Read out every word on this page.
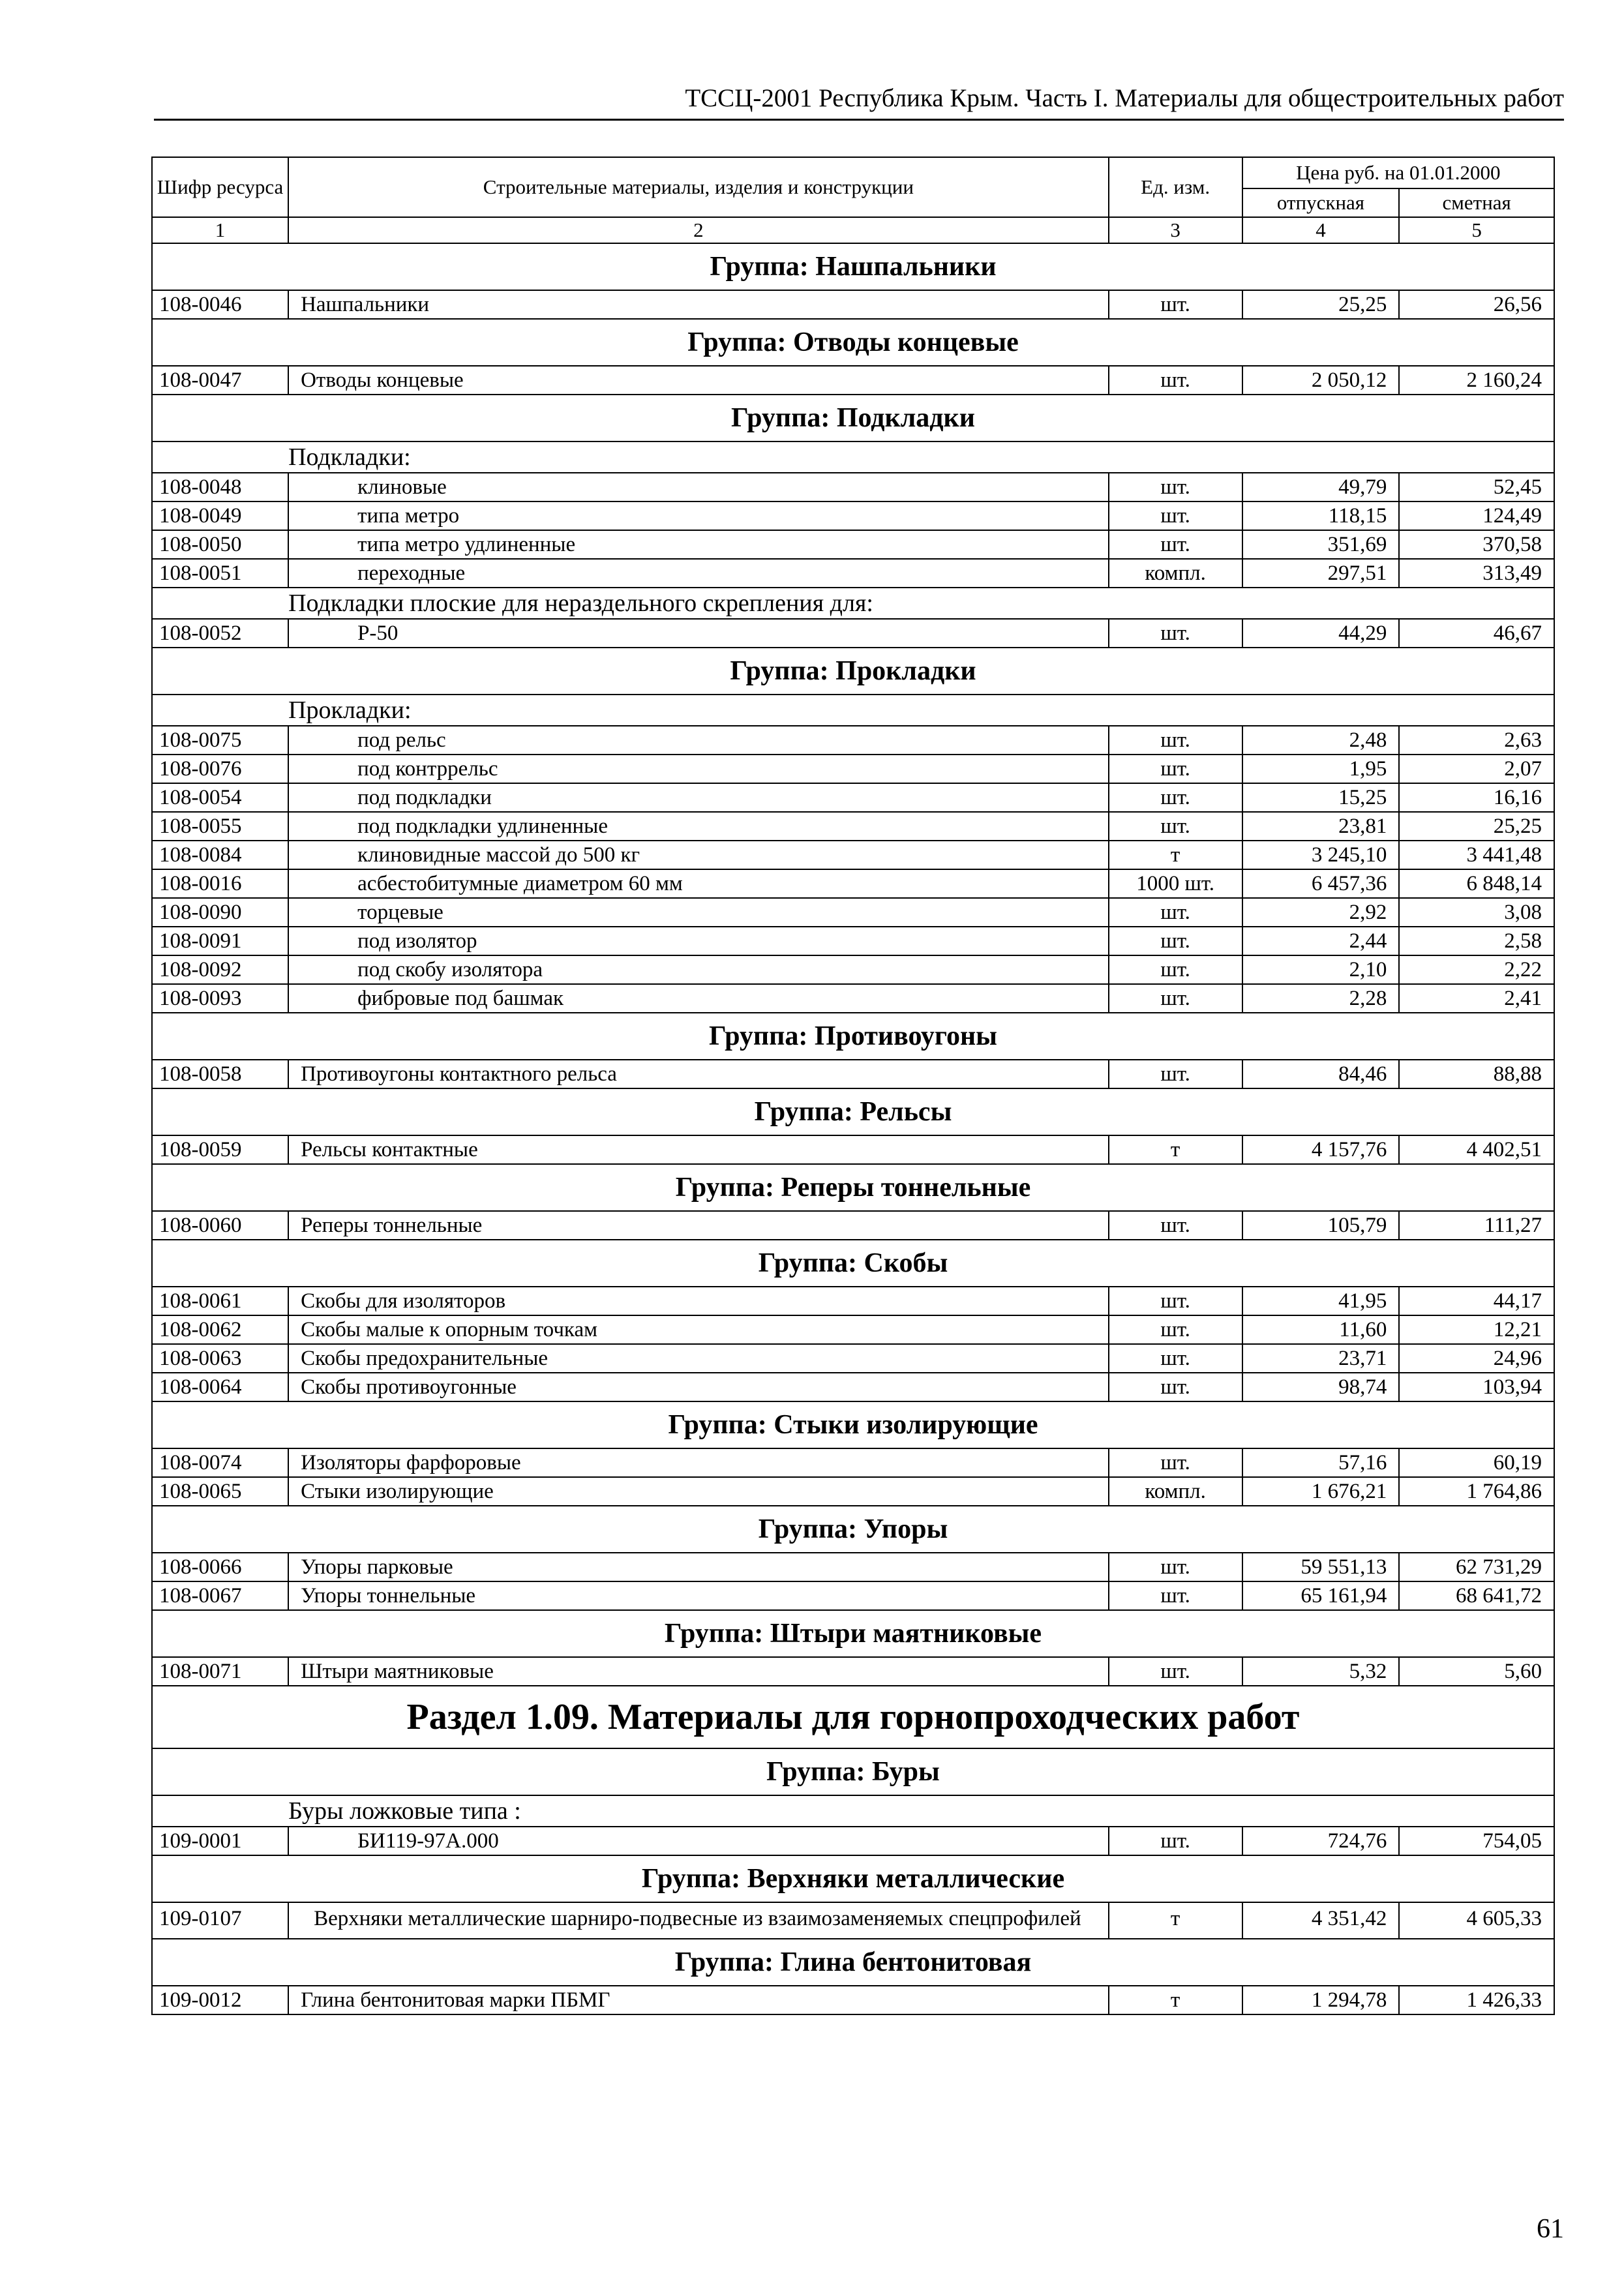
ТССЦ-2001 Республика Крым. Часть I. Материалы для общестроительных работ
Шифр ресурса	Строительные материалы, изделия и конструкции	Ед. изм.	Цена руб. на 01.01.2000	
			отпускная	сметная
1	2	3	4	5
Группа: Нашпальники				
108-0046	Нашпальники	шт.	25,25	26,56
Группа: Отводы концевые				
108-0047	Отводы концевые	шт.	2 050,12	2 160,24
Группа: Подкладки				
	Подкладки:			
108-0048	клиновые	шт.	49,79	52,45
108-0049	типа метро	шт.	118,15	124,49
108-0050	типа метро удлиненные	шт.	351,69	370,58
108-0051	переходные	компл.	297,51	313,49
	Подкладки плоские для нераздельного скрепления для:			
108-0052	Р-50	шт.	44,29	46,67
Группа: Прокладки				
	Прокладки:			
108-0075	под рельс	шт.	2,48	2,63
108-0076	под контррельс	шт.	1,95	2,07
108-0054	под подкладки	шт.	15,25	16,16
108-0055	под подкладки удлиненные	шт.	23,81	25,25
108-0084	клиновидные массой до 500 кг	т	3 245,10	3 441,48
108-0016	асбестобитумные диаметром 60 мм	1000 шт.	6 457,36	6 848,14
108-0090	торцевые	шт.	2,92	3,08
108-0091	под изолятор	шт.	2,44	2,58
108-0092	под скобу изолятора	шт.	2,10	2,22
108-0093	фибровые под башмак	шт.	2,28	2,41
Группа: Противоугоны				
108-0058	Противоугоны контактного рельса	шт.	84,46	88,88
Группа: Рельсы				
108-0059	Рельсы контактные	т	4 157,76	4 402,51
Группа: Реперы тоннельные				
108-0060	Реперы тоннельные	шт.	105,79	111,27
Группа: Скобы				
108-0061	Скобы для изоляторов	шт.	41,95	44,17
108-0062	Скобы малые к опорным точкам	шт.	11,60	12,21
108-0063	Скобы предохранительные	шт.	23,71	24,96
108-0064	Скобы противоугонные	шт.	98,74	103,94
Группа: Стыки изолирующие				
108-0074	Изоляторы фарфоровые	шт.	57,16	60,19
108-0065	Стыки изолирующие	компл.	1 676,21	1 764,86
Группа: Упоры				
108-0066	Упоры парковые	шт.	59 551,13	62 731,29
108-0067	Упоры тоннельные	шт.	65 161,94	68 641,72
Группа: Штыри маятниковые				
108-0071	Штыри маятниковые	шт.	5,32	5,60
Раздел 1.09. Материалы для горнопроходческих работ				
Группа: Буры				
	Буры ложковые типа :			
109-0001	БИ119-97А.000	шт.	724,76	754,05
Группа: Верхняки металлические				
109-0107	Верхняки металлические шарниро-подвесные из взаимозаменяемых спецпрофилей	т	4 351,42	4 605,33
Группа: Глина бентонитовая				
109-0012	Глина бентонитовая марки ПБМГ	т	1 294,78	1 426,33
61
